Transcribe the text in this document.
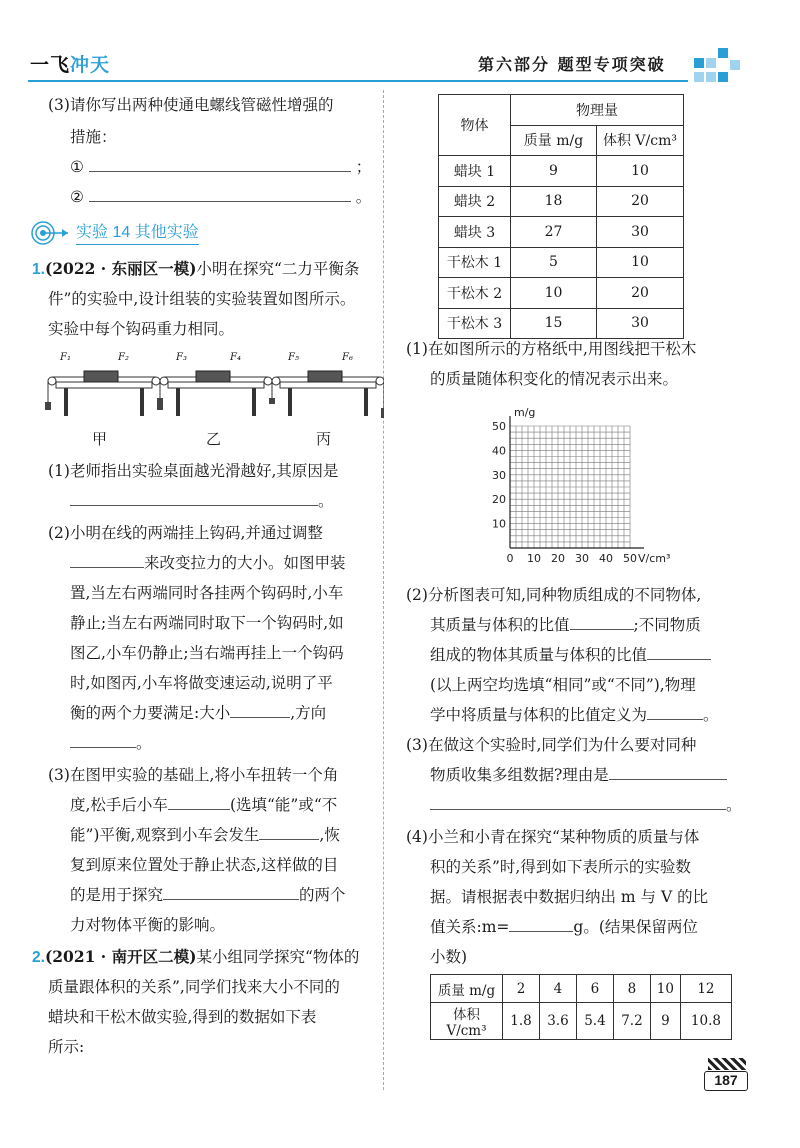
一飞冲天	第六部分 题型专项突破
(3)请你写出两种使通电螺线管磁性增强的
措施：
①	；
②	。
实验 14 其他实验
1.(2022 · 东丽区一模)小明在探究“二力平衡条
件”的实验中,设计组装的实验装置如图所示。
实验中每个钩码重力相同。
F₁	F₂	F₃	F₄	F₅	F₆
甲	乙	丙
(1)老师指出实验桌面越光滑越好,其原因是
。
(2)小明在线的两端挂上钩码,并通过调整
来改变拉力的大小。如图甲装
置,当左右两端同时各挂两个钩码时,小车
静止;当左右两端同时取下一个钩码时,如
图乙,小车仍静止;当右端再挂上一个钩码
时,如图丙,小车将做变速运动,说明了平
衡的两个力要满足:大小	,方向
。
(3)在图甲实验的基础上,将小车扭转一个角
度,松手后小车	(选填“能”或“不
能”)平衡,观察到小车会发生	,恢
复到原来位置处于静止状态,这样做的目
的是用于探究	的两个
力对物体平衡的影响。
2.(2021 · 南开区二模)某小组同学探究“物体的
质量跟体积的关系”,同学们找来大小不同的
蜡块和干松木做实验,得到的数据如下表
所示:
物体	物理量	
	质量 m/g	体积 V/cm³
蜡块 1	9	10
蜡块 2	18	20
蜡块 3	27	30
干松木 1	5	10
干松木 2	10	20
干松木 3	15	30
(1)在如图所示的方格纸中,用图线把干松木
的质量随体积变化的情况表示出来。
0 10 20 30 40 50
10
20
30
40
50
m/g
V/cm³
(2)分析图表可知,同种物质组成的不同物体,
其质量与体积的比值	;不同物质
组成的物体其质量与体积的比值
(以上两空均选填“相同”或“不同”),物理
学中将质量与体积的比值定义为	。
(3)在做这个实验时,同学们为什么要对同种
物质收集多组数据?理由是
。
(4)小兰和小青在探究“某种物质的质量与体
积的关系”时,得到如下表所示的实验数
据。请根据表中数据归纳出 m 与 V 的比
值关系:m=	g。(结果保留两位
小数)
质量 m/g	2	4	6	8	10	12
体积 V/cm³	1.8	3.6	5.4	7.2	9	10.8
187
